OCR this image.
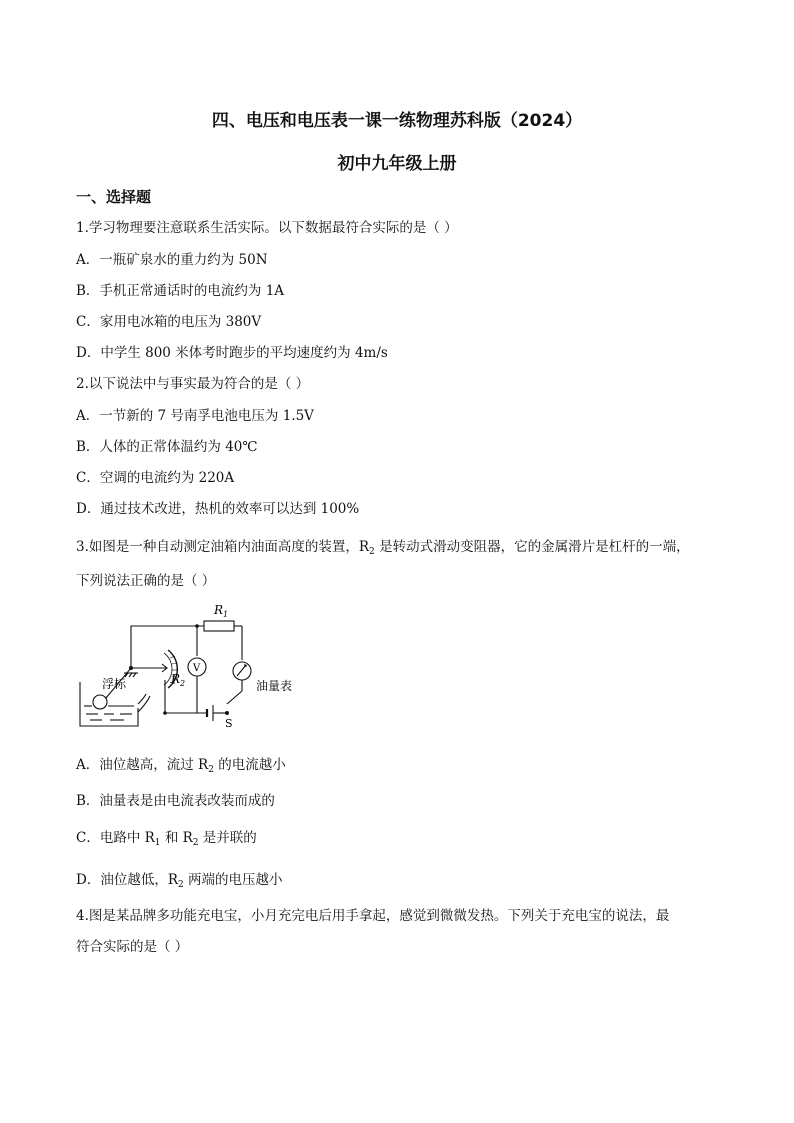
四、电压和电压表一课一练物理苏科版（2024）
初中九年级上册
一、选择题
1.学习物理要注意联系生活实际。以下数据最符合实际的是（ ）
A．一瓶矿泉水的重力约为 50N
B．手机正常通话时的电流约为 1A
C．家用电冰箱的电压为 380V
D．中学生 800 米体考时跑步的平均速度约为 4m/s
2.以下说法中与事实最为符合的是（ ）
A．一节新的 7 号南孚电池电压为 1.5V
B．人体的正常体温约为 40℃
C．空调的电流约为 220A
D．通过技术改进，热机的效率可以达到 100%
3.如图是一种自动测定油箱内油面高度的装置，$R_2$ 是转动式滑动变阻器，它的金属滑片是杠杆的一端，
下列说法正确的是（ ）
$R_1$
V
$R_2$
浮标	油量表
S
A．油位越高，流过 $R_2$ 的电流越小
B．油量表是由电流表改装而成的
C．电路中 $R_1$ 和 $R_2$ 是并联的
D．油位越低，$R_2$ 两端的电压越小
4.图是某品牌多功能充电宝，小月充完电后用手拿起，感觉到微微发热。下列关于充电宝的说法，最
符合实际的是（ ）
